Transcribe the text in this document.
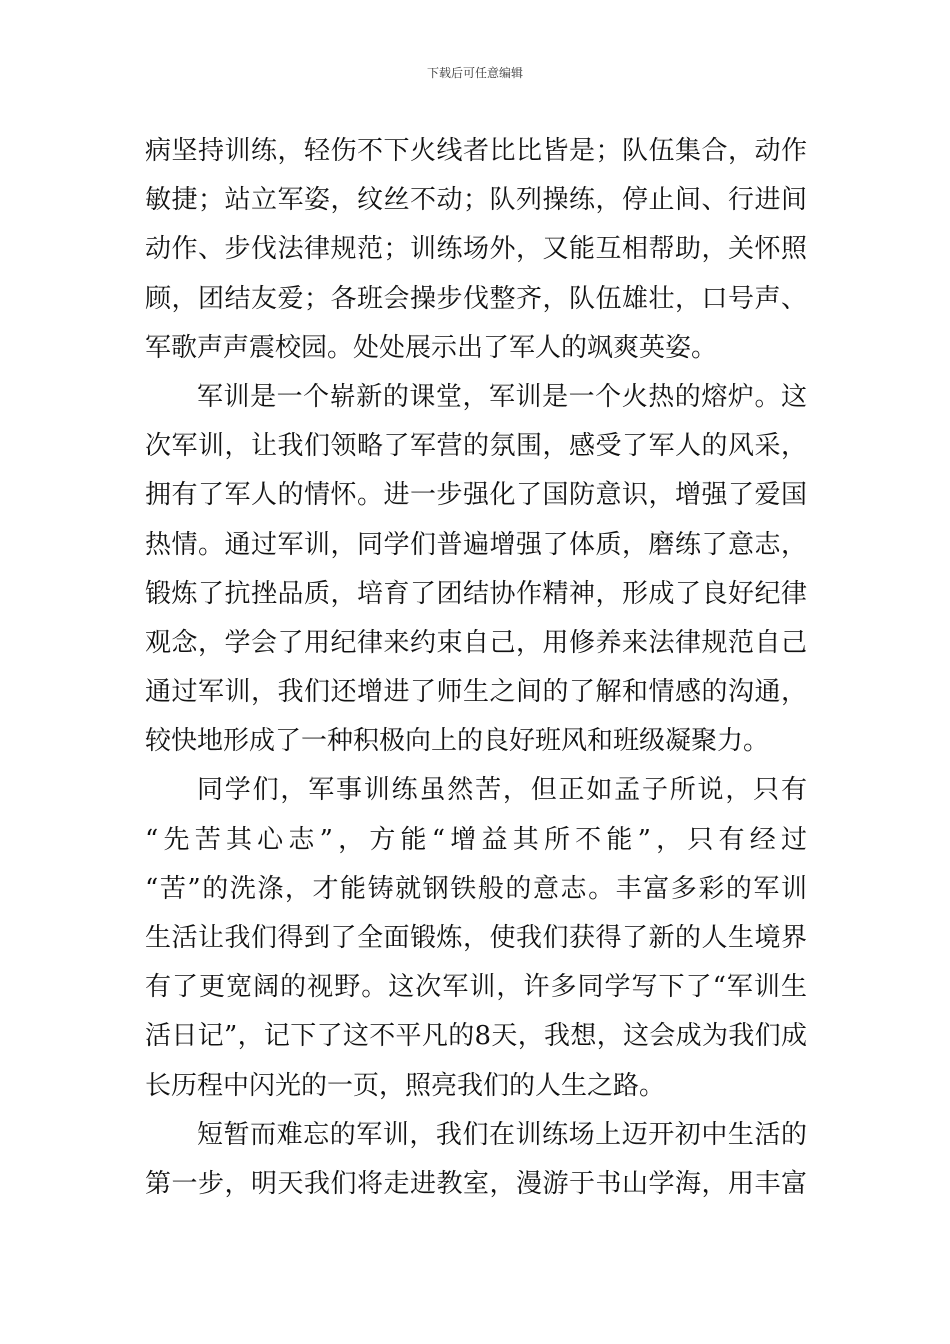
下载后可任意编辑
病坚持训练，轻伤不下火线者比比皆是；队伍集合，动作
敏捷；站立军姿，纹丝不动；队列操练，停止间、行进间
动作、步伐法律规范；训练场外，又能互相帮助，关怀照
顾，团结友爱；各班会操步伐整齐，队伍雄壮，口号声、
军歌声声震校园。处处展示出了军人的飒爽英姿。
军训是一个崭新的课堂，军训是一个火热的熔炉。这
次军训，让我们领略了军营的氛围，感受了军人的风采，
拥有了军人的情怀。进一步强化了国防意识，增强了爱国
热情。通过军训，同学们普遍增强了体质，磨练了意志，
锻炼了抗挫品质，培育了团结协作精神，形成了良好纪律
观念，学会了用纪律来约束自己，用修养来法律规范自己
通过军训，我们还增进了师生之间的了解和情感的沟通，
较快地形成了一种积极向上的良好班风和班级凝聚力。
同学们，军事训练虽然苦，但正如孟子所说，只有
“先苦其心志”，方能“增益其所不能”，只有经过
“苦”的洗涤，才能铸就钢铁般的意志。丰富多彩的军训
生活让我们得到了全面锻炼，使我们获得了新的人生境界
有了更宽阔的视野。这次军训，许多同学写下了“军训生
活日记”，记下了这不平凡的8天，我想，这会成为我们成
长历程中闪光的一页，照亮我们的人生之路。
短暂而难忘的军训，我们在训练场上迈开初中生活的
第一步，明天我们将走进教室，漫游于书山学海，用丰富
